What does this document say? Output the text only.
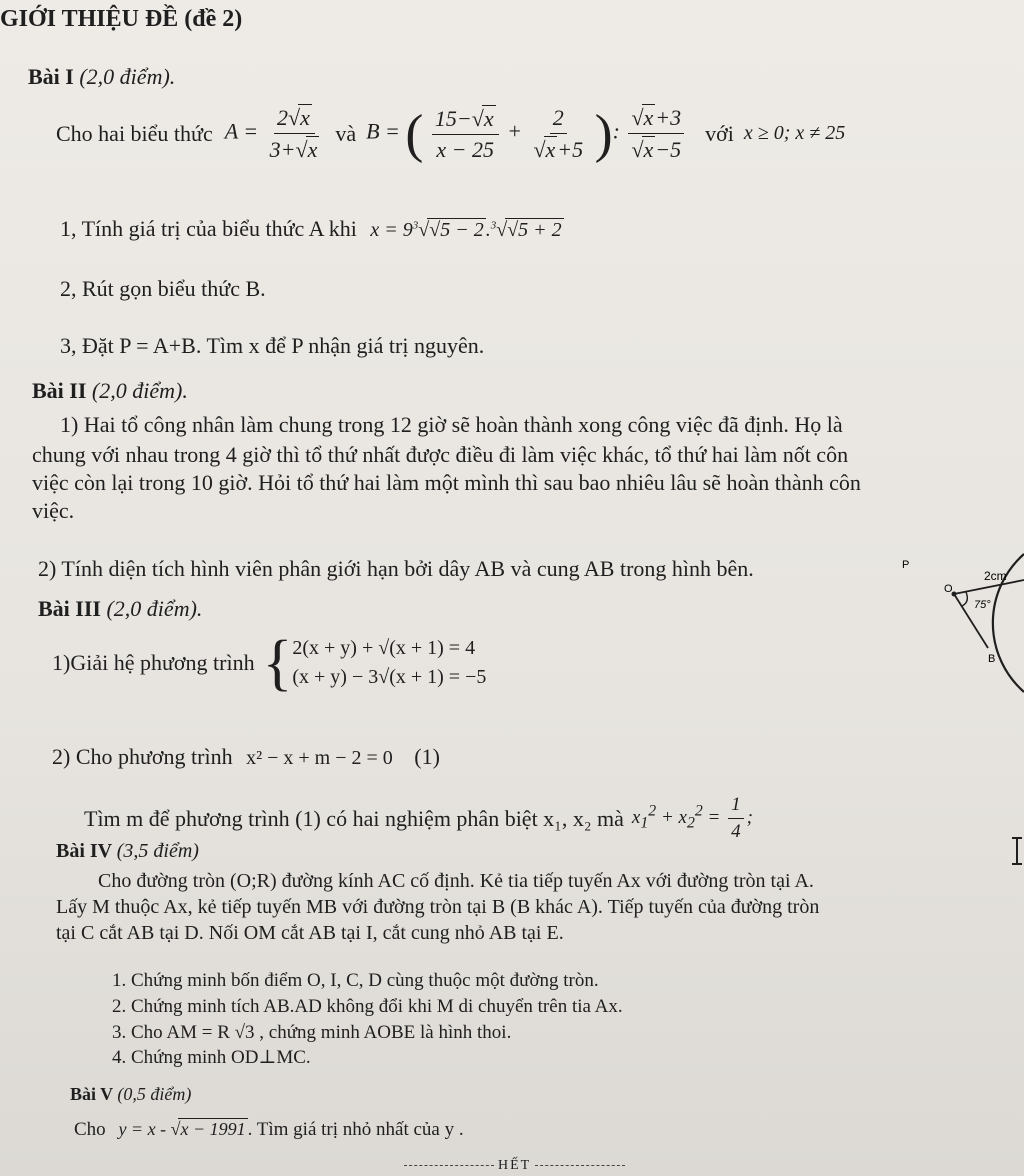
GIỚI THIỆU ĐỀ (đề 2)
Bài I (2,0 điểm).
Cho hai biểu thức $A = \frac{2√x}{3+√x}$ và B = ( $\frac{15-√x}{x - 25} + \frac{2}{√x+5}$ ): $\frac{√x+3}{√x-5}$ với x ≥ 0; x ≠ 25
1, Tính giá trị của biểu thức A khi $x = 9^3√√5 - 2$ .$^3$√√5 + 2
2, Rút gọn biểu thức B.
3, Đặt P = A+B. Tìm x để P nhận giá trị nguyên.
Bài II (2,0 điểm).
1) Hai tổ công nhân làm chung trong 12 giờ sẽ hoàn thành xong công việc đã định. Họ là
chung với nhau trong 4 giờ thì tổ thứ nhất được điều đi làm việc khác, tổ thứ hai làm nốt côn
việc còn lại trong 10 giờ. Hỏi tổ thứ hai làm một mình thì sau bao nhiêu lâu sẽ hoàn thành côn
việc.
2) Tính diện tích hình viên phân giới hạn bởi dây AB và cung AB trong hình bên.	P
O
2cm
75°
B
Bài III (2,0 điểm).
1)Giải hệ phương trình { 2(x + y) + √(x + 1) = 4
(x + y) − 3√(x + 1) = −5
2) Cho phương trình x² − x + m − 2 = 0 (1)
Tìm m để phương trình (1) có hai nghiệm phân biệt x₁, x₂ mà $x_1^2 + x_2^2 = \frac{1}{4}$ ;
Bài IV (3,5 điểm)
Cho đường tròn (O;R) đường kính AC cố định. Kẻ tia tiếp tuyến Ax với đường tròn tại A.
Lấy M thuộc Ax, kẻ tiếp tuyến MB với đường tròn tại B (B khác A). Tiếp tuyến của đường tròn
tại C cắt AB tại D. Nối OM cắt AB tại I, cắt cung nhỏ AB tại E.
1. Chứng minh bốn điểm O, I, C, D cùng thuộc một đường tròn.
2. Chứng minh tích AB.AD không đổi khi M di chuyển trên tia Ax.
3. Cho AM = R √3 , chứng minh AOBE là hình thoi.
4. Chứng minh OD⊥MC.
Bài V (0,5 điểm)
Cho y = x - √x − 1991 . Tìm giá trị nhỏ nhất của y .
HẾT
